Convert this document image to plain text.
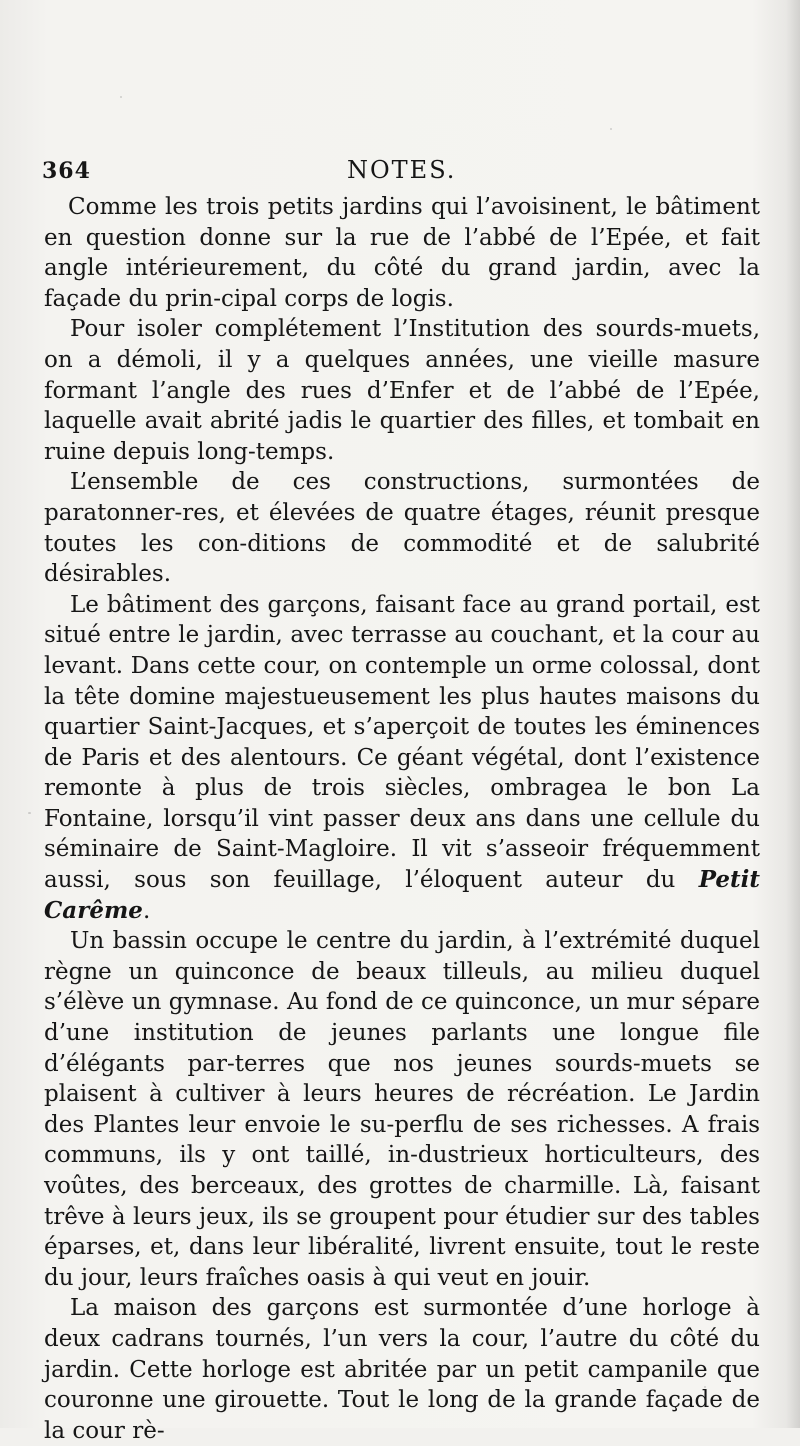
364	NOTES.

Comme les trois petits jardins qui l’avoisinent, le bâtiment en question donne sur la rue de l’abbé de l’Epée, et fait angle intérieurement, du côté du grand jardin, avec la façade du prin-cipal corps de logis.

Pour isoler complétement l’Institution des sourds-muets, on a démoli, il y a quelques années, une vieille masure formant l’angle des rues d’Enfer et de l’abbé de l’Epée, laquelle avait abrité jadis le quartier des filles, et tombait en ruine depuis long-temps.

L’ensemble de ces constructions, surmontées de paratonner-res, et élevées de quatre étages, réunit presque toutes les con-ditions de commodité et de salubrité désirables.

Le bâtiment des garçons, faisant face au grand portail, est situé entre le jardin, avec terrasse au couchant, et la cour au levant. Dans cette cour, on contemple un orme colossal, dont la tête domine majestueusement les plus hautes maisons du quartier Saint-Jacques, et s’aperçoit de toutes les éminences de Paris et des alentours. Ce géant végétal, dont l’existence remonte à plus de trois siècles, ombragea le bon La Fontaine, lorsqu’il vint passer deux ans dans une cellule du séminaire de Saint-Magloire. Il vit s’asseoir fréquemment aussi, sous son feuillage, l’éloquent auteur du Petit Carême.

Un bassin occupe le centre du jardin, à l’extrémité duquel règne un quinconce de beaux tilleuls, au milieu duquel s’élève un gymnase. Au fond de ce quinconce, un mur sépare d’une institution de jeunes parlants une longue file d’élégants par-terres que nos jeunes sourds-muets se plaisent à cultiver à leurs heures de récréation. Le Jardin des Plantes leur envoie le su-perflu de ses richesses. A frais communs, ils y ont taillé, in-dustrieux horticulteurs, des voûtes, des berceaux, des grottes de charmille. Là, faisant trêve à leurs jeux, ils se groupent pour étudier sur des tables éparses, et, dans leur libéralité, livrent ensuite, tout le reste du jour, leurs fraîches oasis à qui veut en jouir.

La maison des garçons est surmontée d’une horloge à deux cadrans tournés, l’un vers la cour, l’autre du côté du jardin. Cette horloge est abritée par un petit campanile que couronne une girouette. Tout le long de la grande façade de la cour rè-
